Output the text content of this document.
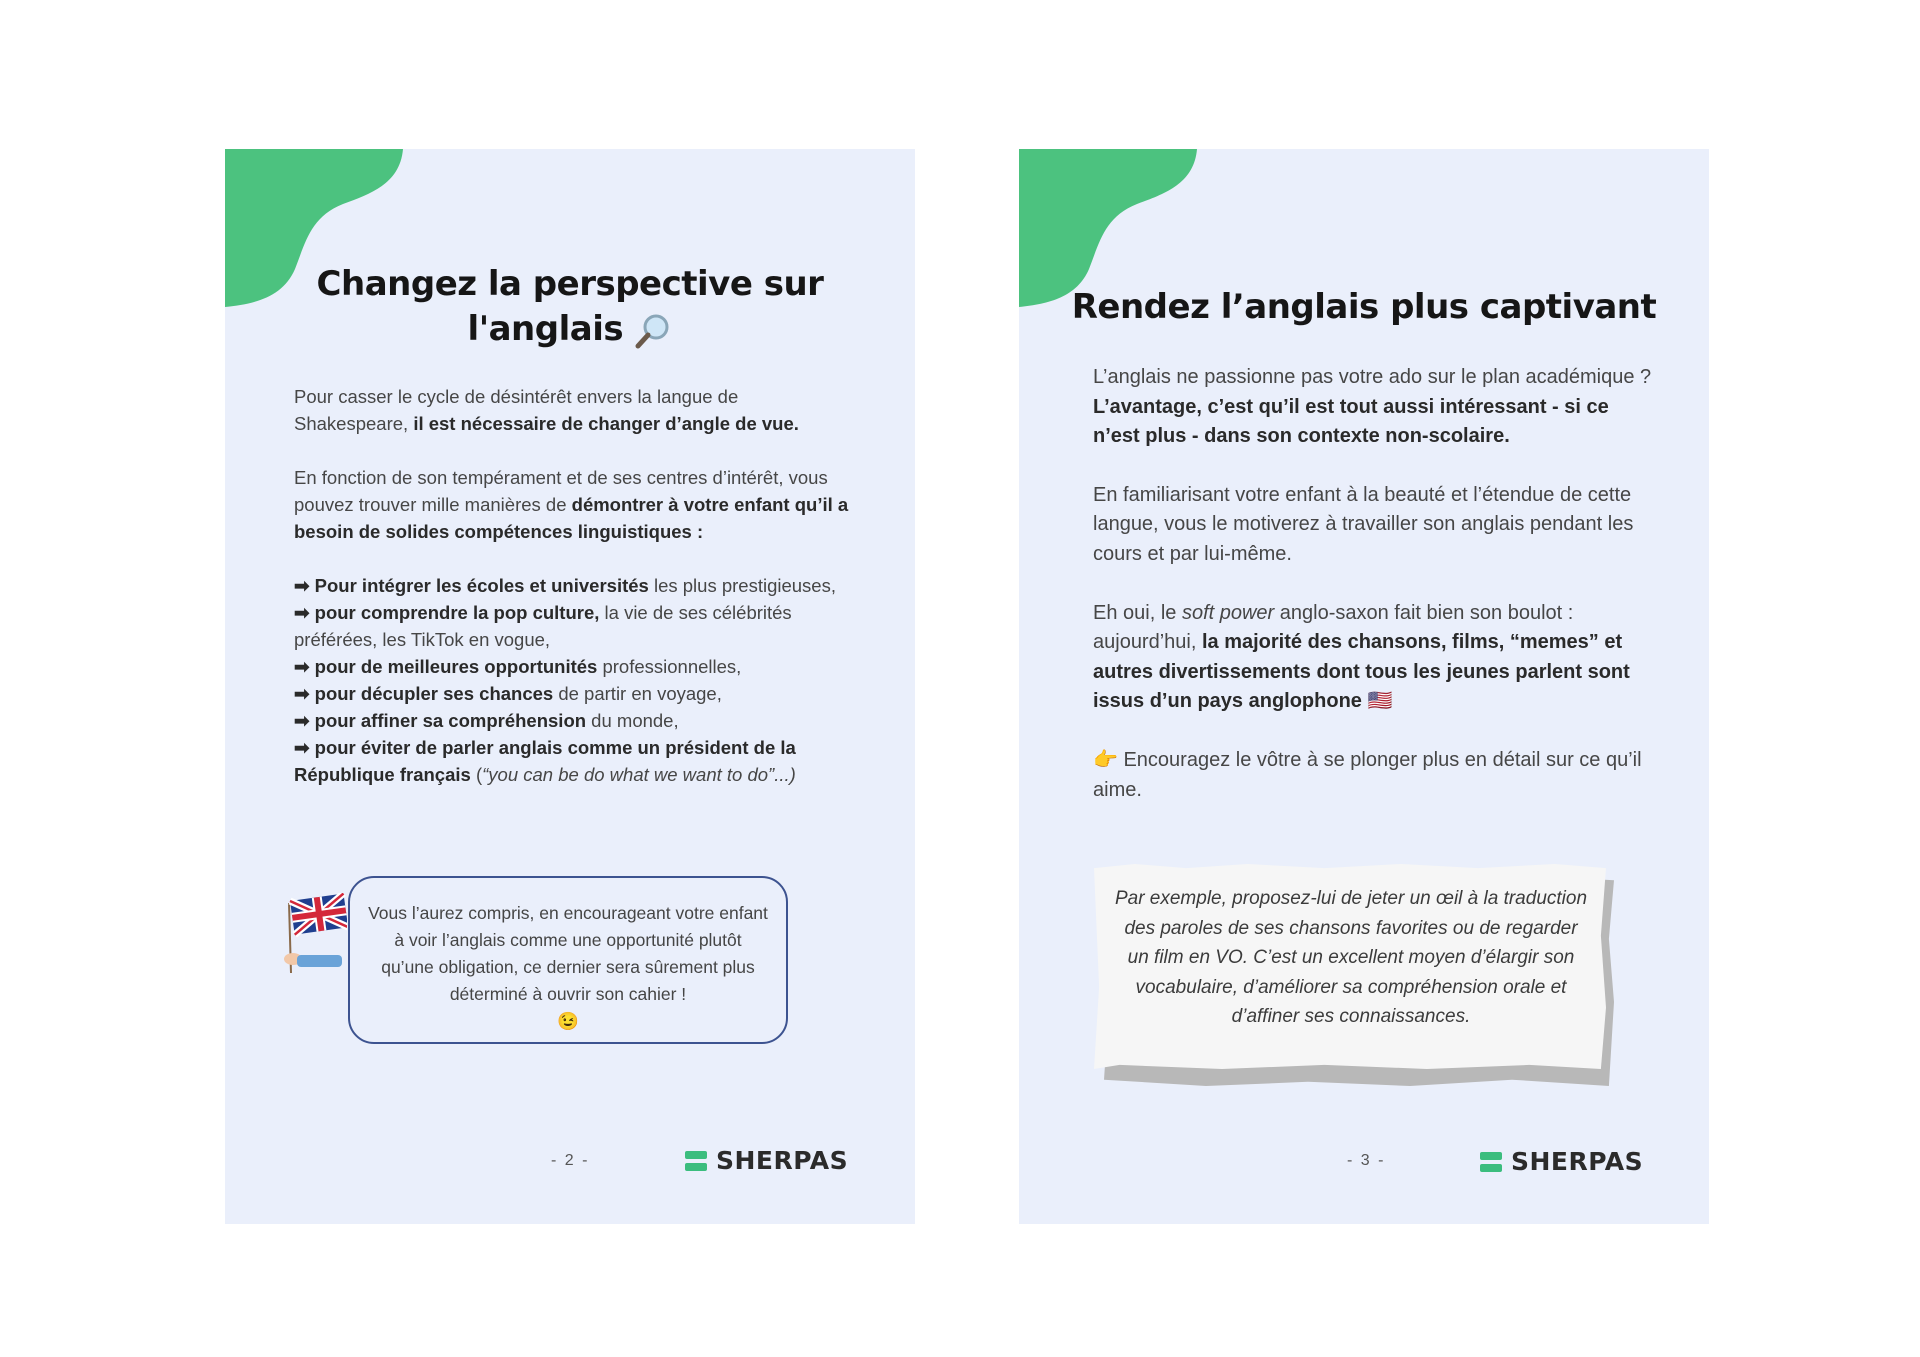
Changez la perspective sur
l'anglais

Pour casser le cycle de désintérêt envers la langue de Shakespeare, il est nécessaire de changer d’angle de vue.

En fonction de son tempérament et de ses centres d’intérêt, vous pouvez trouver mille manières de démontrer à votre enfant qu’il a besoin de solides compétences linguistiques :

➡ Pour intégrer les écoles et universités les plus prestigieuses,
➡ pour comprendre la pop culture, la vie de ses célébrités préférées, les TikTok en vogue,
➡ pour de meilleures opportunités professionnelles,
➡ pour décupler ses chances de partir en voyage,
➡ pour affiner sa compréhension du monde,
➡ pour éviter de parler anglais comme un président de la République français (“you can be do what we want to do”...)

Vous l’aurez compris, en encourageant votre enfant à voir l’anglais comme une opportunité plutôt qu’une obligation, ce dernier sera sûrement plus déterminé à ouvrir son cahier !
😉
- 2 -	SHERPAS
Rendez l’anglais plus captivant

L’anglais ne passionne pas votre ado sur le plan académique ? L’avantage, c’est qu’il est tout aussi intéressant - si ce n’est plus - dans son contexte non-scolaire.

En familiarisant votre enfant à la beauté et l’étendue de cette langue, vous le motiverez à travailler son anglais pendant les cours et par lui-même.

Eh oui, le soft power anglo-saxon fait bien son boulot : aujourd’hui, la majorité des chansons, films, “memes” et autres divertissements dont tous les jeunes parlent sont issus d’un pays anglophone 🇺🇸

👉 Encouragez le vôtre à se plonger plus en détail sur ce qu’il aime.

Par exemple, proposez-lui de jeter un œil à la traduction des paroles de ses chansons favorites ou de regarder un film en VO. C’est un excellent moyen d’élargir son vocabulaire, d’améliorer sa compréhension orale et d’affiner ses connaissances.
- 3 -	SHERPAS
